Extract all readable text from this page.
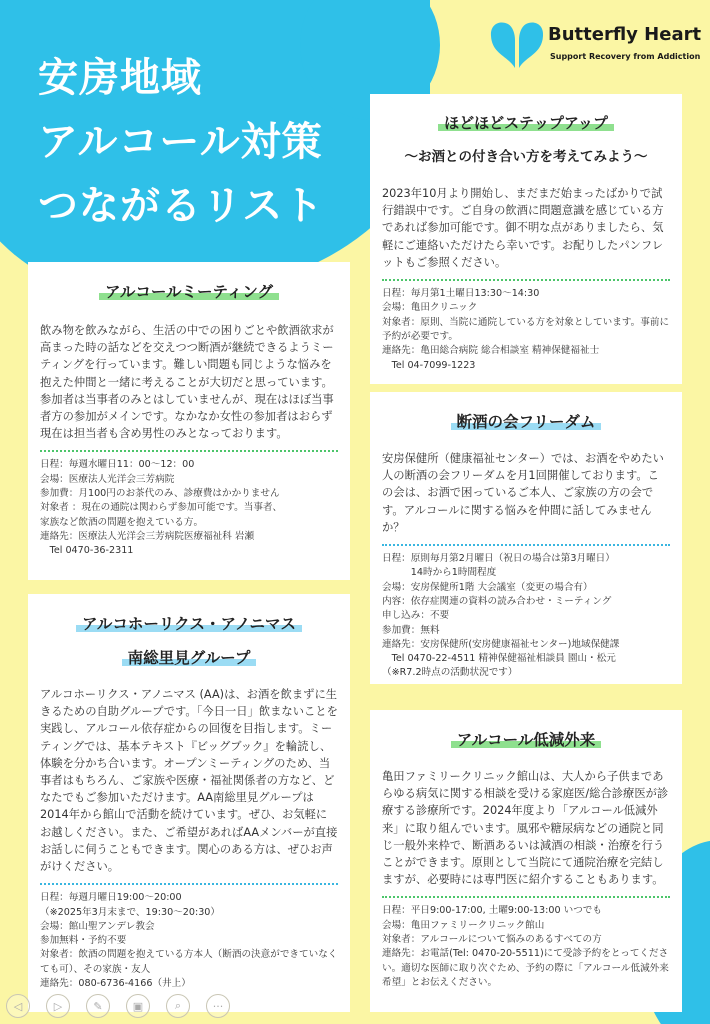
安房地域
アルコール対策
つながるリスト
Butterfly Heart
Support Recovery from Addiction
アルコールミーティング
飲み物を飲みながら、生活の中での困りごとや飲酒欲求が高まった時の話などを交えつつ断酒が継続できるようミーティングを行っています。難しい問題も同じような悩みを抱えた仲間と一緒に考えることが大切だと思っています。参加者は当事者のみとはしていませんが、現在はほぼ当事者方の参加がメインです。なかなか女性の参加者はおらず現在は担当者も含め男性のみとなっております。
日程：毎週水曜日11：00〜12：00
会場：医療法人光洋会三芳病院
参加費：月100円のお茶代のみ、診療費はかかりません
対象者 ：現在の通院は関わらず参加可能です。当事者、
家族など飲酒の問題を抱えている方。
連絡先：医療法人光洋会三芳病院医療福祉科 岩瀬
　Tel 0470-36-2311
アルコホーリクス・アノニマス
南総里見グループ
アルコホーリクス・アノニマス (AA)は、お酒を飲まずに生きるための自助グループです。「今日一日」飲まないことを実践し、アルコール依存症からの回復を目指します。ミーティングでは、基本テキスト『ビッグブック』を輪読し、体験を分かち合います。オープンミーティングのため、当事者はもちろん、ご家族や医療・福祉関係者の方など、どなたでもご参加いただけます。AA南総里見グループは2014年から館山で活動を続けています。ぜひ、お気軽にお越しください。また、ご希望があればAAメンバーが直接お話しに伺うこともできます。関心のある方は、ぜひお声がけください。
日程：毎週月曜日19:00〜20:00
（※2025年3月末まで、19:30〜20:30）
会場：館山聖アンデレ教会
参加無料・予約不要
対象者：飲酒の問題を抱えている方本人（断酒の決意ができていなくても可）、その家族・友人
連絡先：080-6736-4166（井上）
ほどほどステップアップ
〜お酒との付き合い方を考えてみよう〜
2023年10月より開始し、まだまだ始まったばかりで試行錯誤中です。ご自身の飲酒に問題意識を感じている方であれば参加可能です。御不明な点がありましたら、気軽にご連絡いただけたら幸いです。お配りしたパンフレットもご参照ください。
日程：毎月第1土曜日13:30〜14:30
会場：亀田クリニック
対象者：原則、当院に通院している方を対象としています。事前に予約が必要です。
連絡先：亀田総合病院 総合相談室 精神保健福祉士
　Tel 04-7099-1223
断酒の会フリーダム
安房保健所（健康福祉センター）では、お酒をやめたい人の断酒の会フリーダムを月1回開催しております。この会は、お酒で困っているご本人、ご家族の方の会です。アルコールに関する悩みを仲間に話してみませんか？
日程：原則毎月第2月曜日（祝日の場合は第3月曜日）
　　　14時から1時間程度
会場：安房保健所1階 大会議室（変更の場合有）
内容：依存症関連の資料の読み合わせ・ミーティング
申し込み：不要
参加費：無料
連絡先：安房保健所(安房健康福祉センター)地域保健課
　Tel 0470-22-4511 精神保健福祉相談員 園山・松元
（※R7.2時点の活動状況です）
アルコール低減外来
亀田ファミリークリニック館山は、大人から子供まであらゆる病気に関する相談を受ける家庭医/総合診療医が診療する診療所です。2024年度より「アルコール低減外来」に取り組んでいます。風邪や糖尿病などの通院と同じ一般外来枠で、断酒あるいは減酒の相談・治療を行うことができます。原則として当院にて通院治療を完結しますが、必要時には専門医に紹介することもあります。
日程：平日9:00-17:00, 土曜9:00-13:00 いつでも
会場：亀田ファミリークリニック館山
対象者：アルコールについて悩みのあるすべての方
連絡先：お電話(Tel: 0470-20-5511)にて受診予約をとってください。適切な医師に取り次ぐため、予約の際に「アルコール低減外来希望」とお伝えください。
◁	▷	✎	▣	⌕	···
